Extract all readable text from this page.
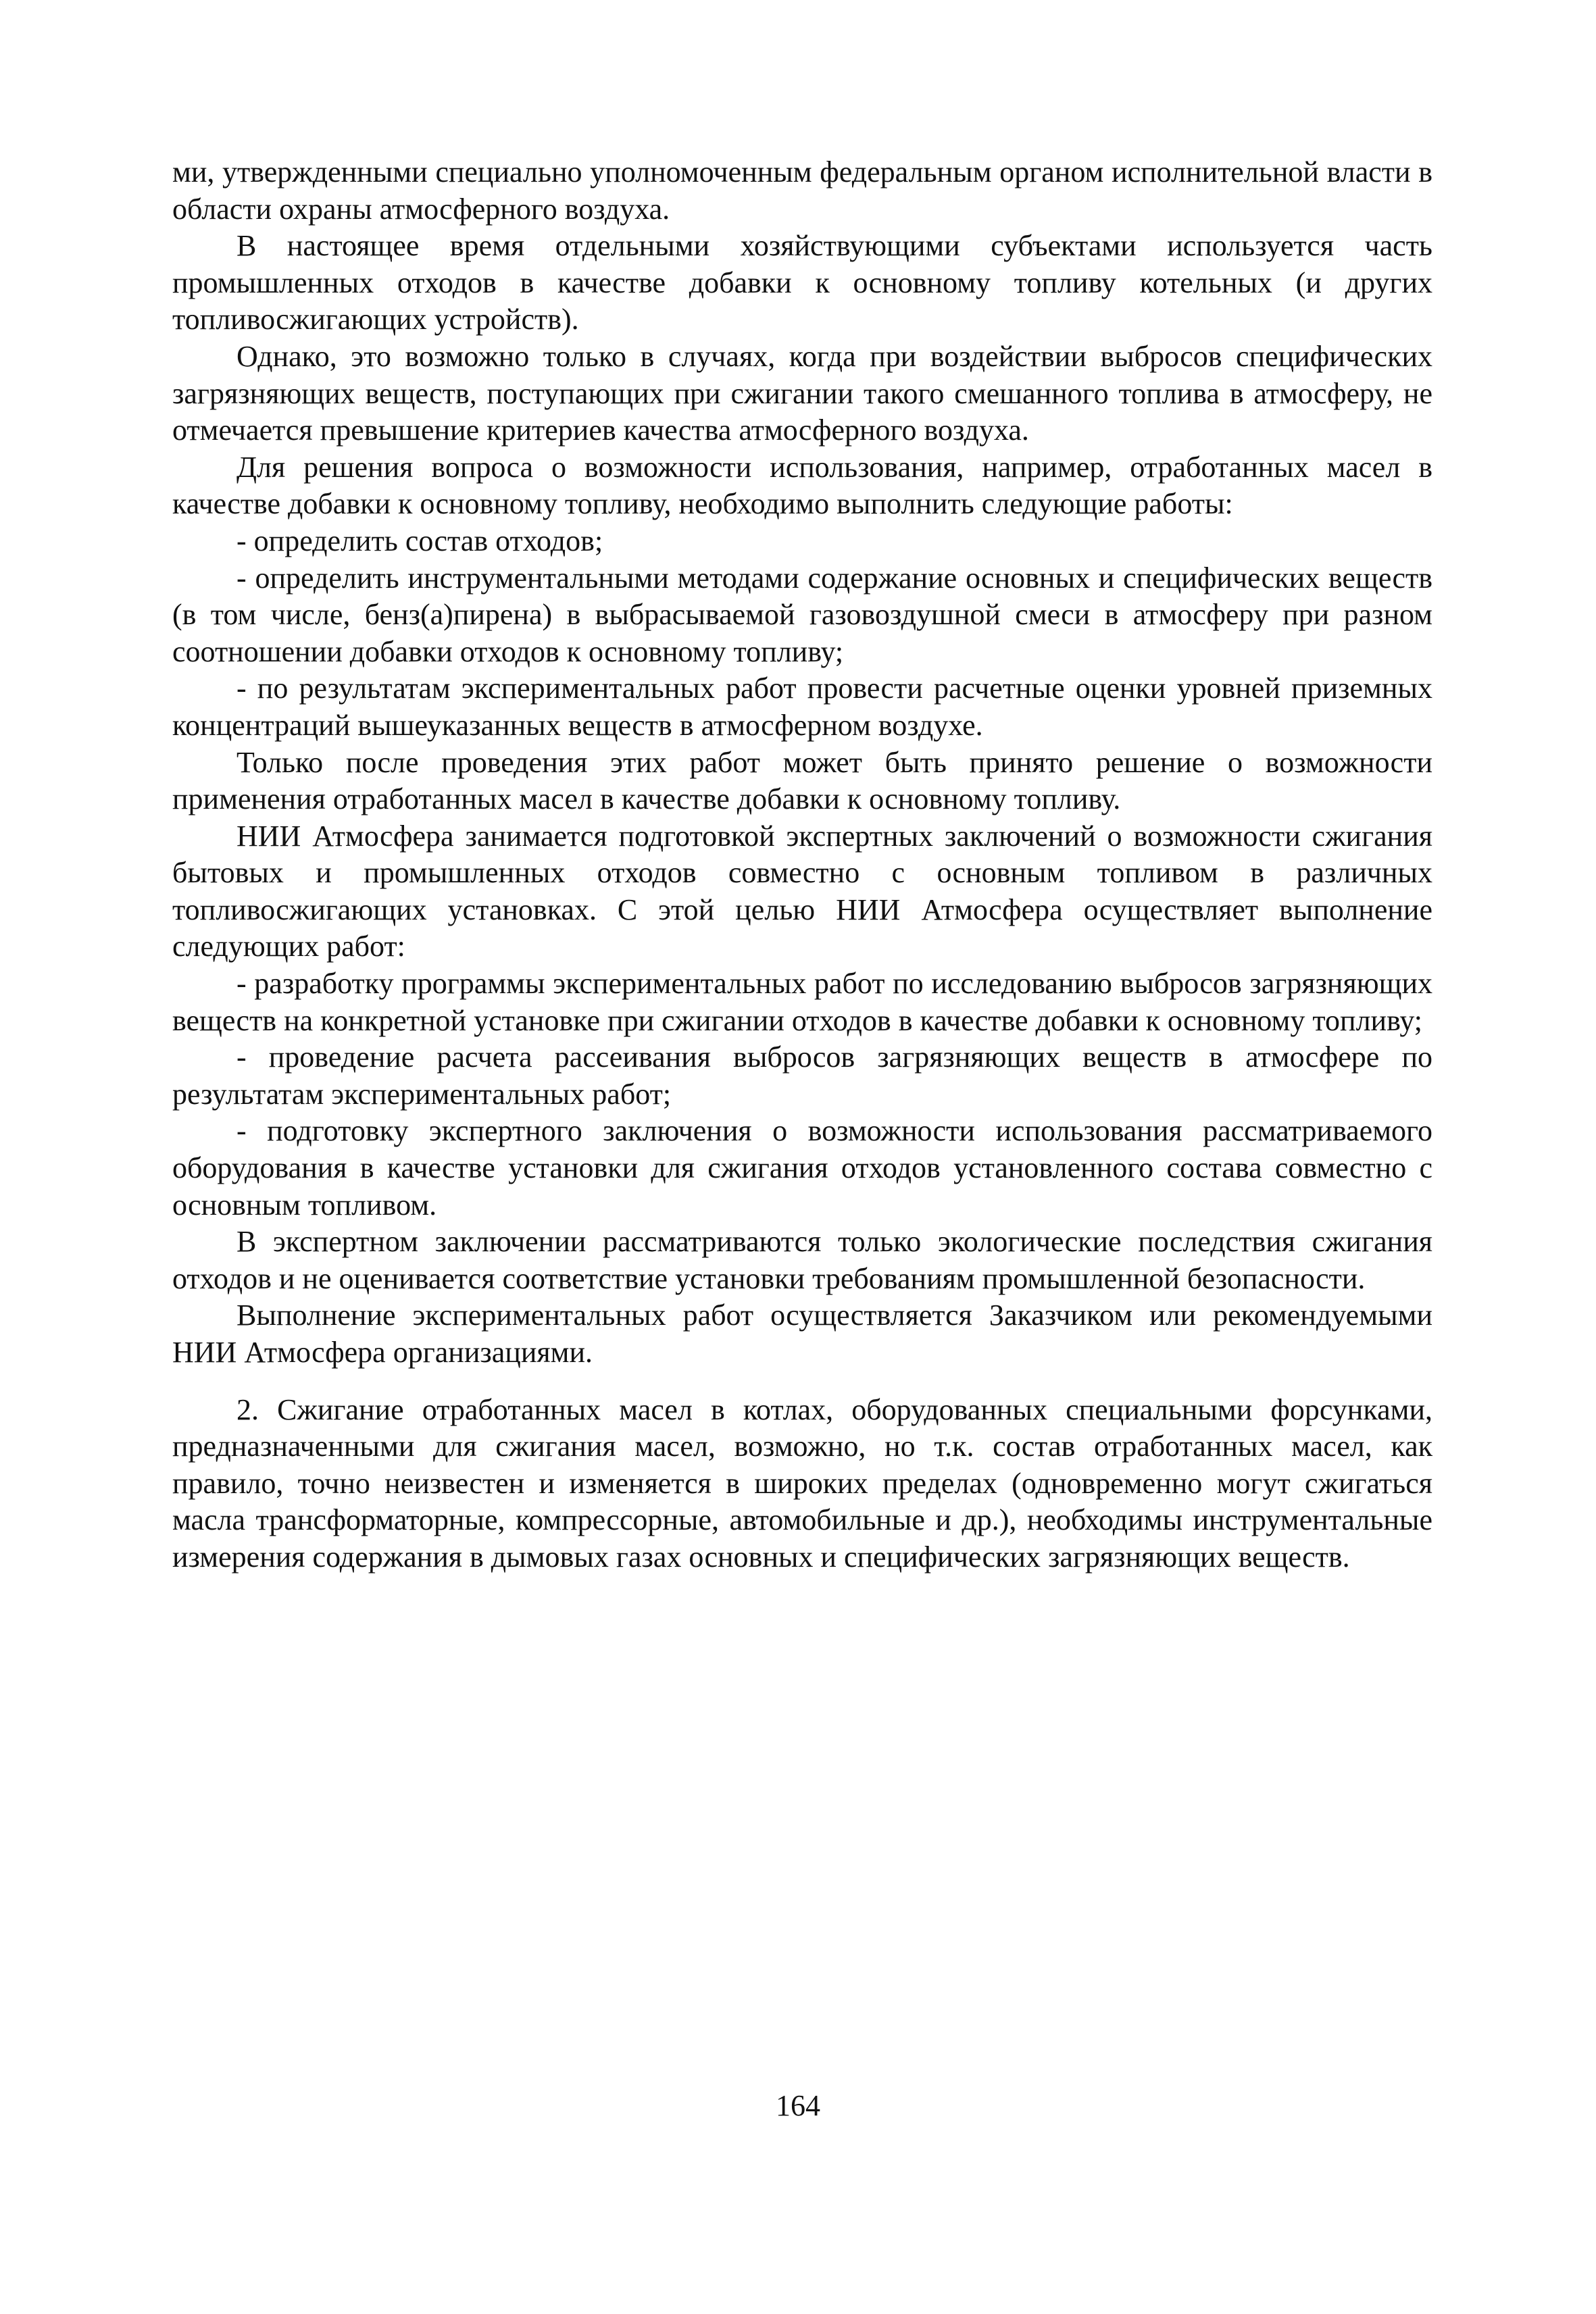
ми, утвержденными специально уполномоченным федеральным органом исполнительной власти в области охраны атмосферного воздуха.

В настоящее время отдельными хозяйствующими субъектами используется часть промышленных отходов в качестве добавки к основному топливу котельных (и других топливосжигающих устройств).

Однако, это возможно только в случаях, когда при воздействии выбросов специфических загрязняющих веществ, поступающих при сжигании такого смешанного топлива в атмосферу, не отмечается превышение критериев качества атмосферного воздуха.

Для решения вопроса о возможности использования, например, отработанных масел в качестве добавки к основному топливу, необходимо выполнить следующие работы:

- определить состав отходов;

- определить инструментальными методами содержание основных и специфических веществ (в том числе, бенз(а)пирена) в выбрасываемой газовоздушной смеси в атмосферу при разном соотношении добавки отходов к основному топливу;

- по результатам экспериментальных работ провести расчетные оценки уровней приземных концентраций вышеуказанных веществ в атмосферном воздухе.

Только после проведения этих работ может быть принято решение о возможности применения отработанных масел в качестве добавки к основному топливу.

НИИ Атмосфера занимается подготовкой экспертных заключений о возможности сжигания бытовых и промышленных отходов совместно с основным топливом в различных топливосжигающих установках. С этой целью НИИ Атмосфера осуществляет выполнение следующих работ:

- разработку программы экспериментальных работ по исследованию выбросов загрязняющих веществ на конкретной установке при сжигании отходов в качестве добавки к основному топливу;

- проведение расчета рассеивания выбросов загрязняющих веществ в атмосфере по результатам экспериментальных работ;

- подготовку экспертного заключения о возможности использования рассматриваемого оборудования в качестве установки для сжигания отходов установленного состава совместно с основным топливом.

В экспертном заключении рассматриваются только экологические последствия сжигания отходов и не оценивается соответствие установки требованиям промышленной безопасности.

Выполнение экспериментальных работ осуществляется Заказчиком или рекомендуемыми НИИ Атмосфера организациями.

2. Сжигание отработанных масел в котлах, оборудованных специальными форсунками, предназначенными для сжигания масел, возможно, но т.к. состав отработанных масел, как правило, точно неизвестен и изменяется в широких пределах (одновременно могут сжигаться масла трансформаторные, компрессорные, автомобильные и др.), необходимы инструментальные измерения содержания в дымовых газах основных и специфических загрязняющих веществ.

164
